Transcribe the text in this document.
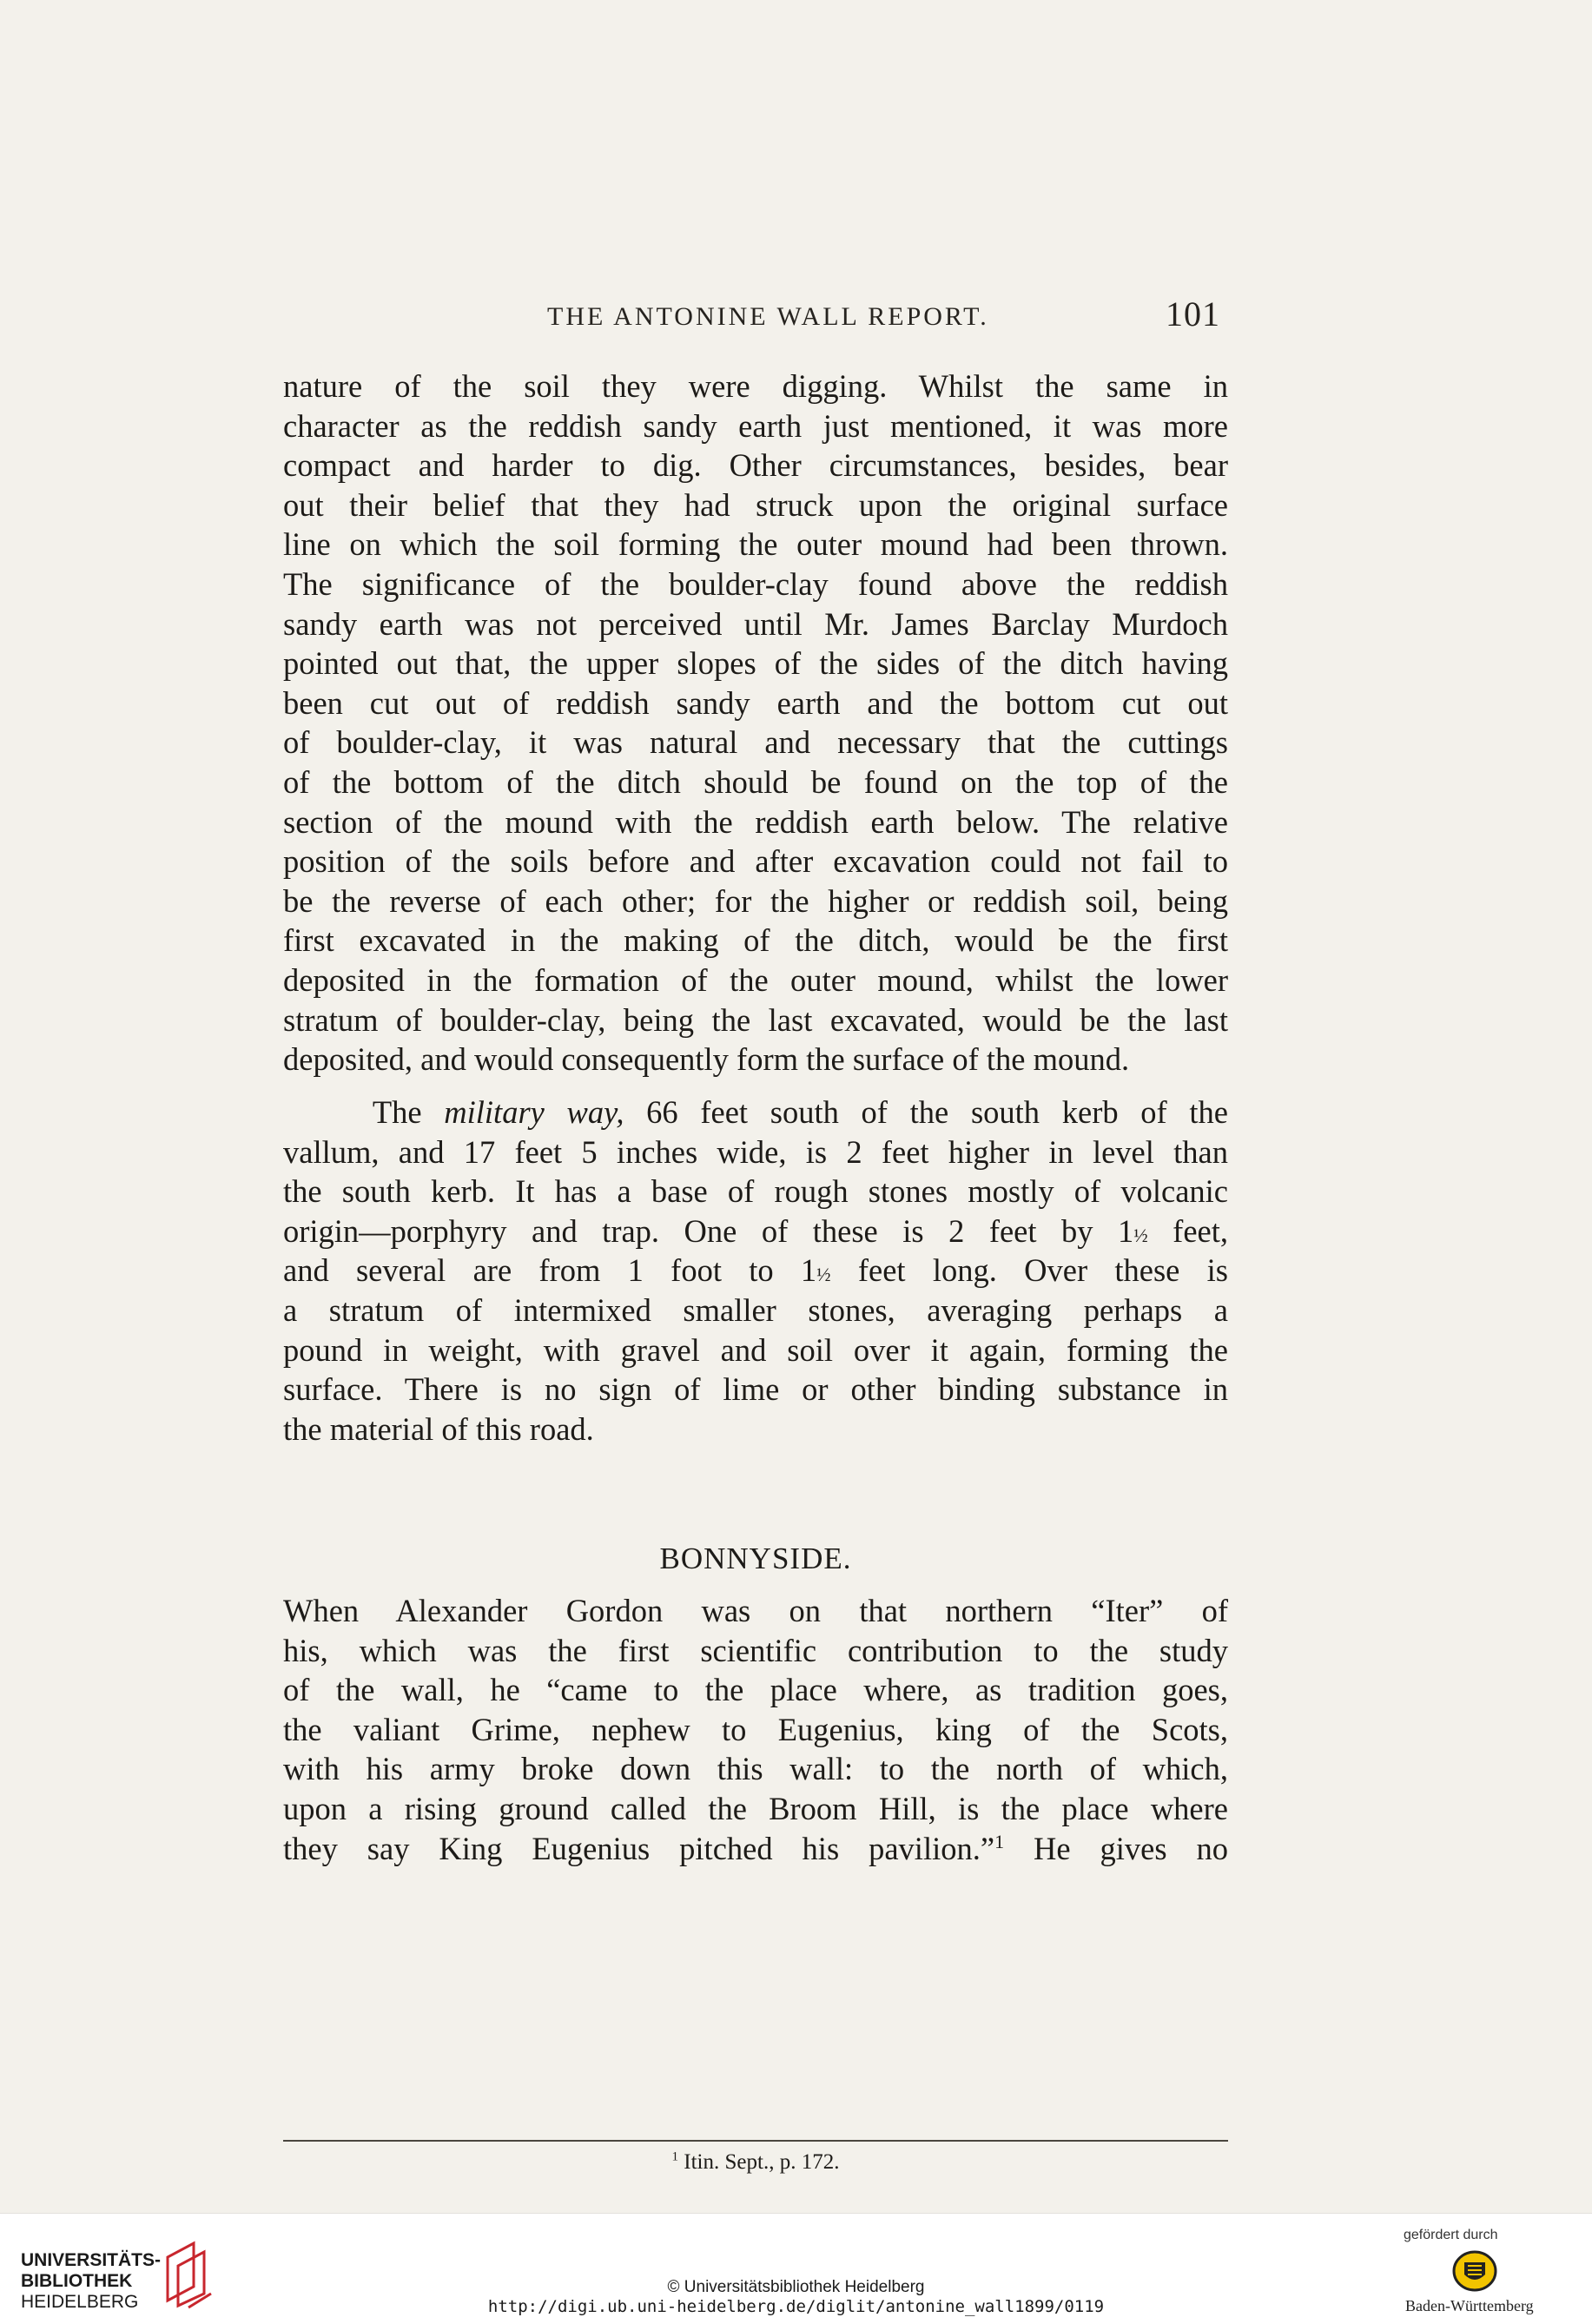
THE ANTONINE WALL REPORT.	101
nature of the soil they were digging. Whilst the same in
character as the reddish sandy earth just mentioned, it was more
compact and harder to dig. Other circumstances, besides, bear
out their belief that they had struck upon the original surface
line on which the soil forming the outer mound had been thrown.
The significance of the boulder-clay found above the reddish
sandy earth was not perceived until Mr. James Barclay Murdoch
pointed out that, the upper slopes of the sides of the ditch having
been cut out of reddish sandy earth and the bottom cut out
of boulder-clay, it was natural and necessary that the cuttings
of the bottom of the ditch should be found on the top of the
section of the mound with the reddish earth below. The relative
position of the soils before and after excavation could not fail to
be the reverse of each other; for the higher or reddish soil, being
first excavated in the making of the ditch, would be the first
deposited in the formation of the outer mound, whilst the lower
stratum of boulder-clay, being the last excavated, would be the last
deposited, and would consequently form the surface of the mound.
The military way, 66 feet south of the south kerb of the
vallum, and 17 feet 5 inches wide, is 2 feet higher in level than
the south kerb. It has a base of rough stones mostly of volcanic
origin—porphyry and trap. One of these is 2 feet by 1½ feet,
and several are from 1 foot to 1½ feet long. Over these is
a stratum of intermixed smaller stones, averaging perhaps a
pound in weight, with gravel and soil over it again, forming the
surface. There is no sign of lime or other binding substance in
the material of this road.
BONNYSIDE.
When Alexander Gordon was on that northern “Iter” of
his, which was the first scientific contribution to the study
of the wall, he “came to the place where, as tradition goes,
the valiant Grime, nephew to Eugenius, king of the Scots,
with his army broke down this wall: to the north of which,
upon a rising ground called the Broom Hill, is the place where
they say King Eugenius pitched his pavilion.”$^1$ He gives no
$^1$ Itin. Sept., p. 172.
UNIVERSITÄTS-
BIBLIOTHEK
HEIDELBERG
© Universitätsbibliothek Heidelberg
http://digi.ub.uni-heidelberg.de/diglit/antonine_wall1899/0119
gefördert durch
Baden-Württemberg
